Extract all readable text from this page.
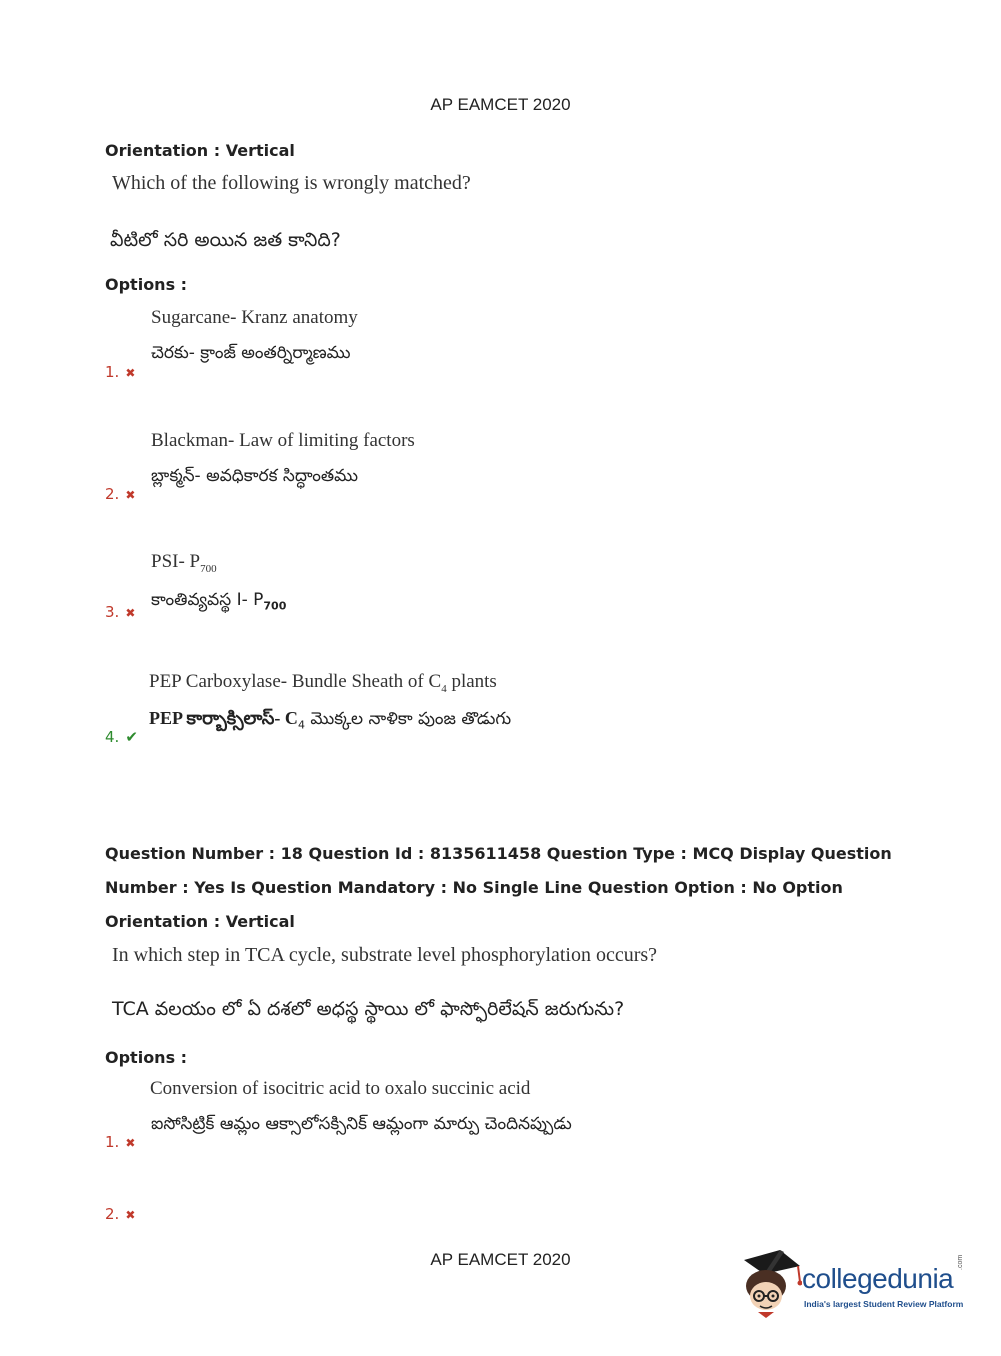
AP EAMCET 2020
Orientation : Vertical
Which of the following is wrongly matched?
వీటిలో సరి అయిన జత కానిది?
Options :
Sugarcane- Kranz anatomy
చెరకు- క్రాంజ్ అంతర్నిర్మాణము
1. ✖
Blackman- Law of limiting factors
బ్లాక్మన్- అవధికారక సిద్ధాంతము
2. ✖
PSI- $P_{700}$
కాంతివ్యవస్థ I- $P_{700}$
3. ✖
PEP Carboxylase- Bundle Sheath of $C_4$ plants
PEP కార్బాక్సిలాస్- $C_4$ మొక్కల నాళికా పుంజ తొడుగు
4. ✔
Question Number : 18 Question Id : 8135611458 Question Type : MCQ Display Question
Number : Yes Is Question Mandatory : No Single Line Question Option : No Option
Orientation : Vertical
In which step in TCA cycle, substrate level phosphorylation occurs?
TCA వలయం లో ఏ దశలో అధస్థ స్థాయి లో ఫాస్ఫోరిలేషన్ జరుగును?
Options :
Conversion of isocitric acid to oxalo succinic acid
ఐసోసిట్రిక్ ఆమ్లం ఆక్సాలోసక్సినిక్ ఆమ్లంగా మార్పు చెందినప్పుడు
1. ✖
2. ✖
AP EAMCET 2020
collegedunia
.com
India's largest Student Review Platform
